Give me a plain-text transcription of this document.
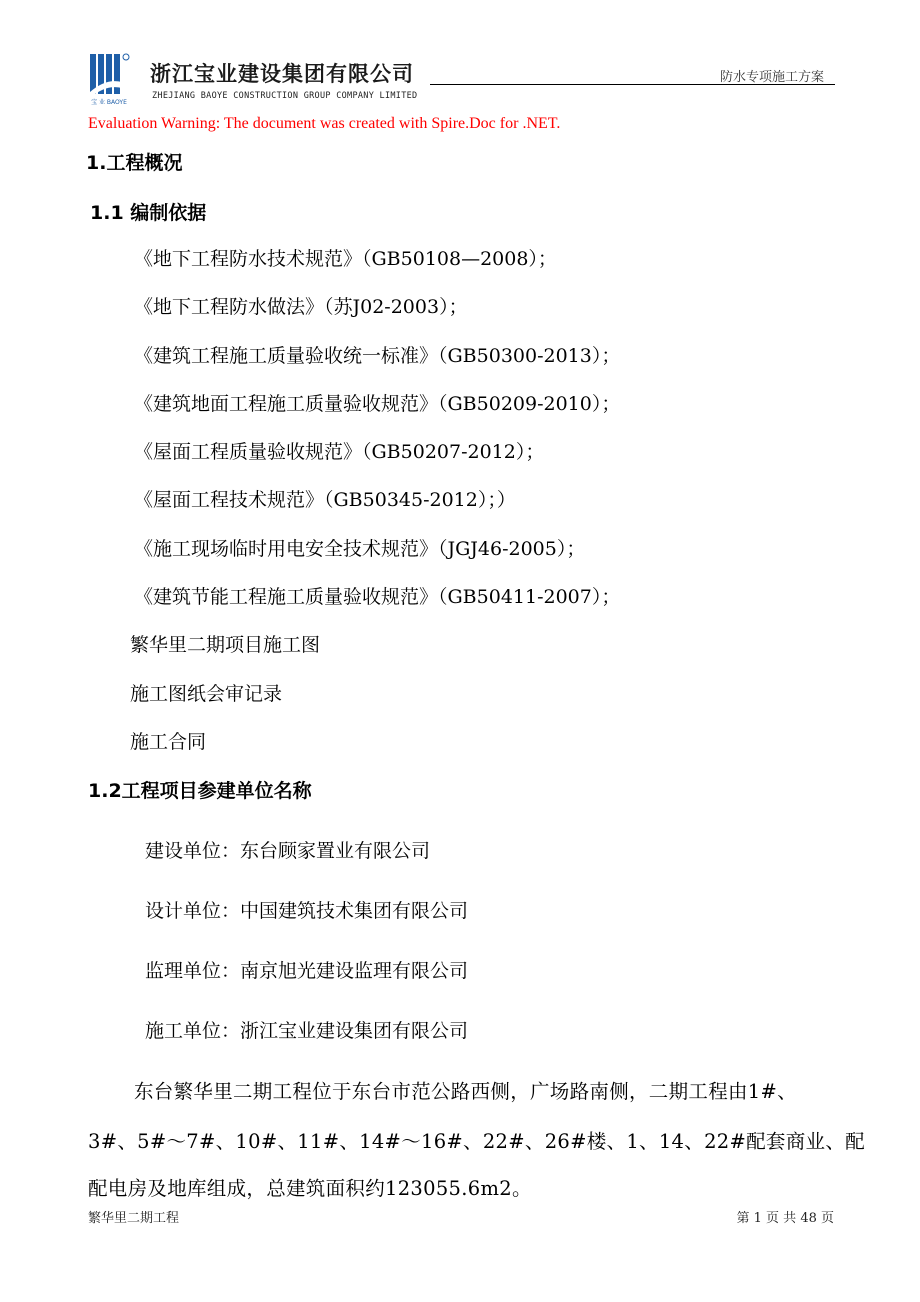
宝 业 BAOYE
浙江宝业建设集团有限公司
ZHEJIANG BAOYE CONSTRUCTION GROUP COMPANY LIMITED
防水专项施工方案
Evaluation Warning: The document was created with Spire.Doc for .NET.
1.工程概况
1.1 编制依据
《地下工程防水技术规范》（GB50108—2008）；
《地下工程防水做法》（苏J02-2003）；
《建筑工程施工质量验收统一标准》（GB50300-2013）；
《建筑地面工程施工质量验收规范》（GB50209-2010）；
《屋面工程质量验收规范》（GB50207-2012）；
《屋面工程技术规范》（GB50345-2012）；）
《施工现场临时用电安全技术规范》（JGJ46-2005）；
《建筑节能工程施工质量验收规范》（GB50411-2007）；
繁华里二期项目施工图
施工图纸会审记录
施工合同
1.2工程项目参建单位名称
建设单位：东台顾家置业有限公司
设计单位：中国建筑技术集团有限公司
监理单位：南京旭光建设监理有限公司
施工单位：浙江宝业建设集团有限公司
东台繁华里二期工程位于东台市范公路西侧，广场路南侧，二期工程由1#、
3#、5#～7#、10#、11#、14#～16#、22#、26#楼、1、14、22#配套商业、配
配电房及地库组成，总建筑面积约123055.6m2。
繁华里二期工程	第 1 页 共 48 页
